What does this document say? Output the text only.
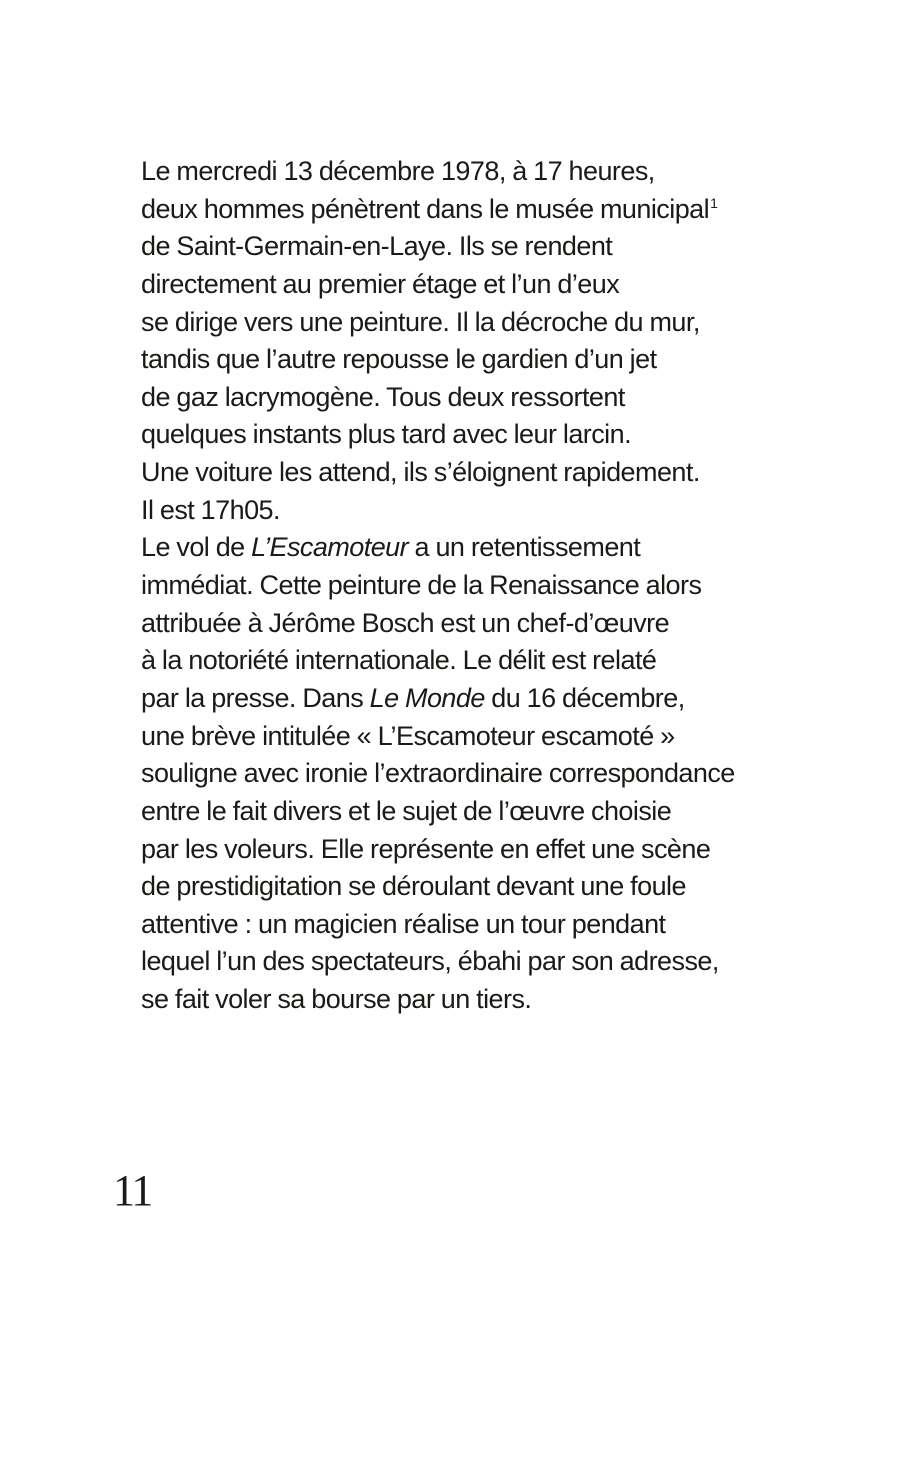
Le mercredi 13 décembre 1978, à 17 heures,
deux hommes pénètrent dans le musée municipal$^1$
de Saint-Germain-en-Laye. Ils se rendent
directement au premier étage et l’un d’eux
se dirige vers une peinture. Il la décroche du mur,
tandis que l’autre repousse le gardien d’un jet
de gaz lacrymogène. Tous deux ressortent
quelques instants plus tard avec leur larcin.
Une voiture les attend, ils s’éloignent rapidement.
Il est 17h05.
Le vol de L’Escamoteur a un retentissement
immédiat. Cette peinture de la Renaissance alors
attribuée à Jérôme Bosch est un chef-d’œuvre
à la notoriété internationale. Le délit est relaté
par la presse. Dans Le Monde du 16 décembre,
une brève intitulée « L’Escamoteur escamoté »
souligne avec ironie l’extraordinaire correspondance
entre le fait divers et le sujet de l’œuvre choisie
par les voleurs. Elle représente en effet une scène
de prestidigitation se déroulant devant une foule
attentive : un magicien réalise un tour pendant
lequel l’un des spectateurs, ébahi par son adresse,
se fait voler sa bourse par un tiers.
11
